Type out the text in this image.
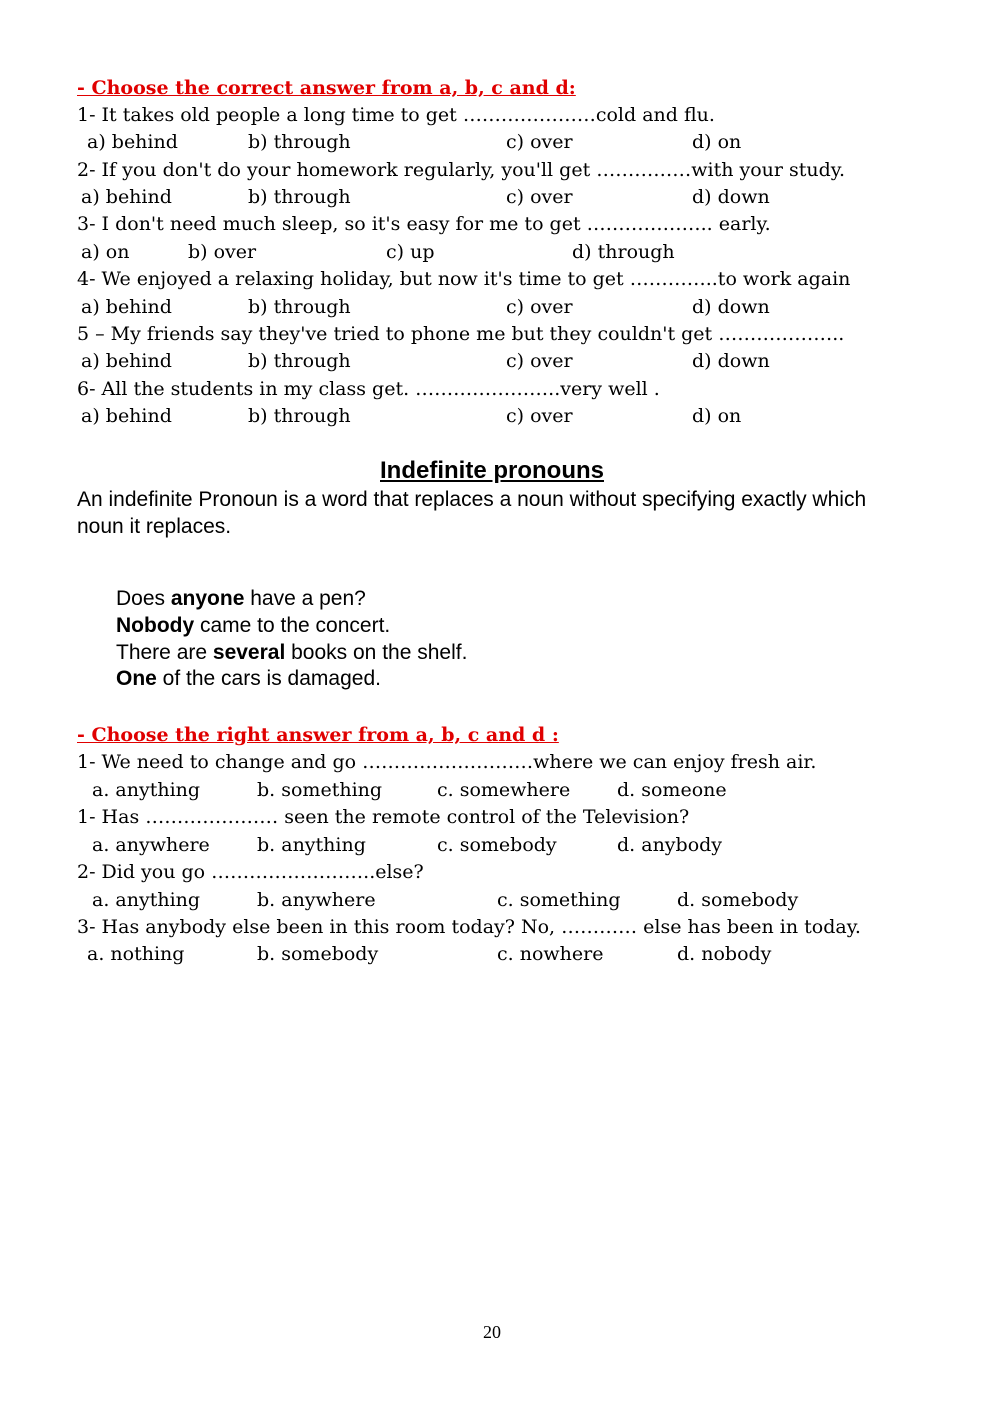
- Choose the correct answer from a, b, c and d:
1- It takes old people a long time to get …………………cold and flu.
a) behind	b) through	c) over	d) on
2- If you don't do your homework regularly, you'll get ……………with your study.
a) behind	b) through	c) over	d) down
3- I don't need much sleep, so it's easy for me to get ……………….. early.
a) on	b) over	c) up	d) through
4- We enjoyed a relaxing holiday, but now it's time to get …………..to work again
a) behind	b) through	c) over	d) down
5 – My friends say they've tried to phone me but they couldn't get ………………..
a) behind	b) through	c) over	d) down
6- All the students in my class get. …………………..very well .
a) behind	b) through	c) over	d) on
Indefinite pronouns
An indefinite Pronoun is a word that replaces a noun without specifying exactly which noun it replaces.
Does anyone have a pen?
Nobody came to the concert.
There are several books on the shelf.
One of the cars is damaged.
- Choose the right answer from a, b, c and d :
1- We need to change and go ………………………where we can enjoy fresh air.
a. anything	b. something	c. somewhere d. someone
1- Has ………………… seen the remote control of the Television?
a. anywhere b. anything	c. somebody	d. anybody
2- Did you go ……………………..else?
a. anything	b. anywhere	c. something	d. somebody
3- Has anybody else been in this room today? No, ………… else has been in today.
a. nothing	b. somebody	c. nowhere	d. nobody
20
